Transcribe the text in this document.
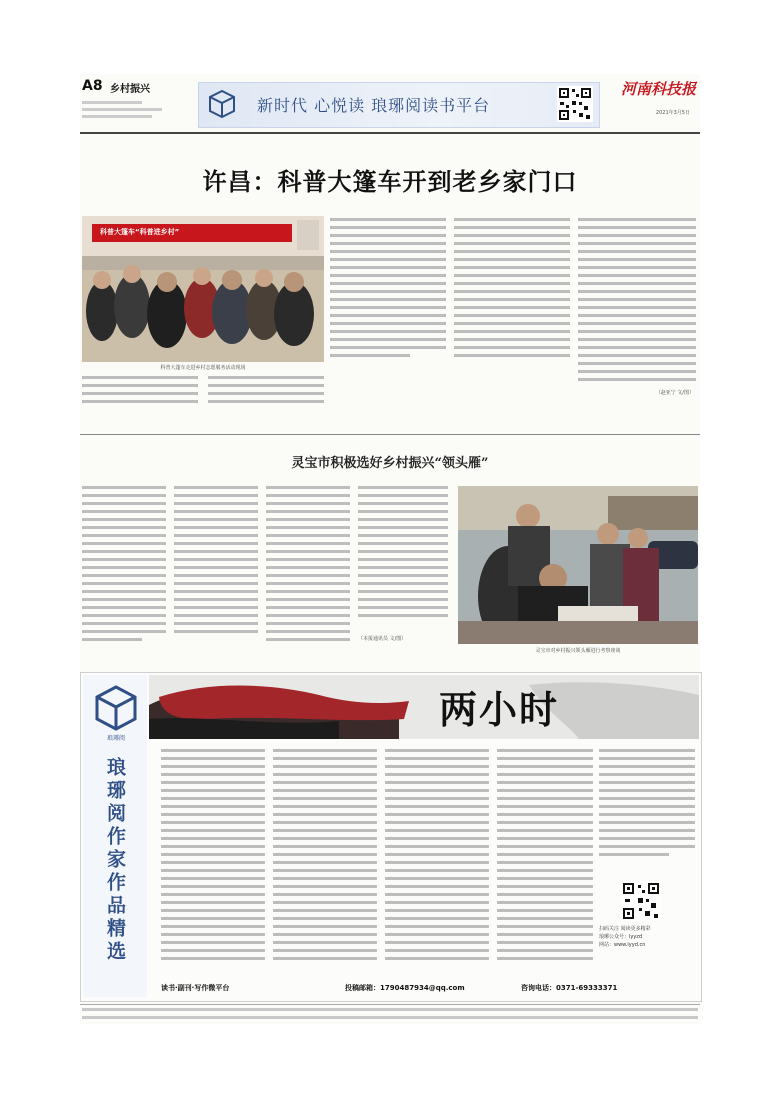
A8 乡村振兴
新时代 心悦读 琅琊阅读书平台
河南科技报
2021年3月5日
许昌：科普大篷车开到老乡家门口
科普大篷车“科普进乡村”
科普大篷车走进乡村志愿服务活动现场
（赵亚宁 文/图）
灵宝市积极选好乡村振兴“领头雁”
（本报通讯员 文/图）
灵宝市对乡村振兴领头雁进行考察座谈
琅琊阅
琅琊阅作家作品精选
两小时
扫码关注 阅读更多精彩
琅琊公众号：lyyzd
网站：www.lyyd.cn
读书·副刊·写作微平台	投稿邮箱：1790487934@qq.com	咨询电话：0371-69333371
